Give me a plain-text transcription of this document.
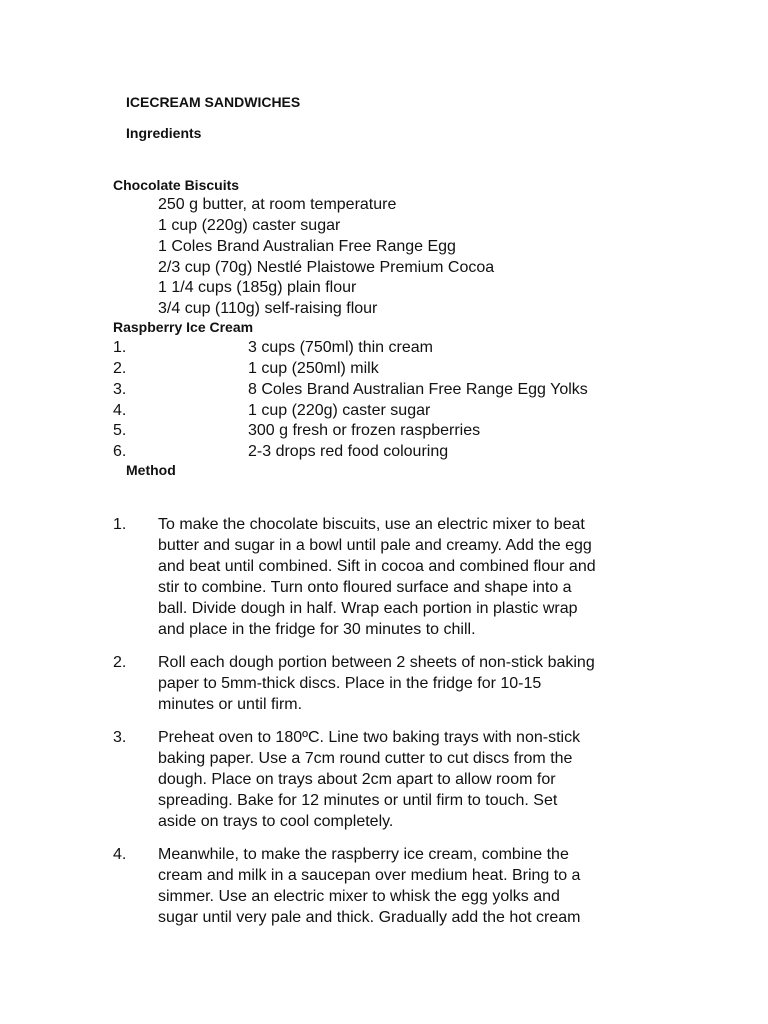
ICECREAM SANDWICHES
Ingredients
Chocolate Biscuits
250 g butter, at room temperature
1 cup (220g) caster sugar
1 Coles Brand Australian Free Range Egg
2/3 cup (70g) Nestlé Plaistowe Premium Cocoa
1 1/4 cups (185g) plain flour
3/4 cup (110g) self-raising flour
Raspberry Ice Cream
1.	3 cups (750ml) thin cream
2.	1 cup (250ml) milk
3.	8 Coles Brand Australian Free Range Egg Yolks
4.	1 cup (220g) caster sugar
5.	300 g fresh or frozen raspberries
6.	2-3 drops red food colouring
Method
1. To make the chocolate biscuits, use an electric mixer to beat
butter and sugar in a bowl until pale and creamy. Add the egg
and beat until combined. Sift in cocoa and combined flour and
stir to combine. Turn onto floured surface and shape into a
ball. Divide dough in half. Wrap each portion in plastic wrap
and place in the fridge for 30 minutes to chill.
2. Roll each dough portion between 2 sheets of non-stick baking
paper to 5mm-thick discs. Place in the fridge for 10-15
minutes or until firm.
3. Preheat oven to 180ºC. Line two baking trays with non-stick
baking paper. Use a 7cm round cutter to cut discs from the
dough. Place on trays about 2cm apart to allow room for
spreading. Bake for 12 minutes or until firm to touch. Set
aside on trays to cool completely.
4. Meanwhile, to make the raspberry ice cream, combine the
cream and milk in a saucepan over medium heat. Bring to a
simmer. Use an electric mixer to whisk the egg yolks and
sugar until very pale and thick. Gradually add the hot cream
